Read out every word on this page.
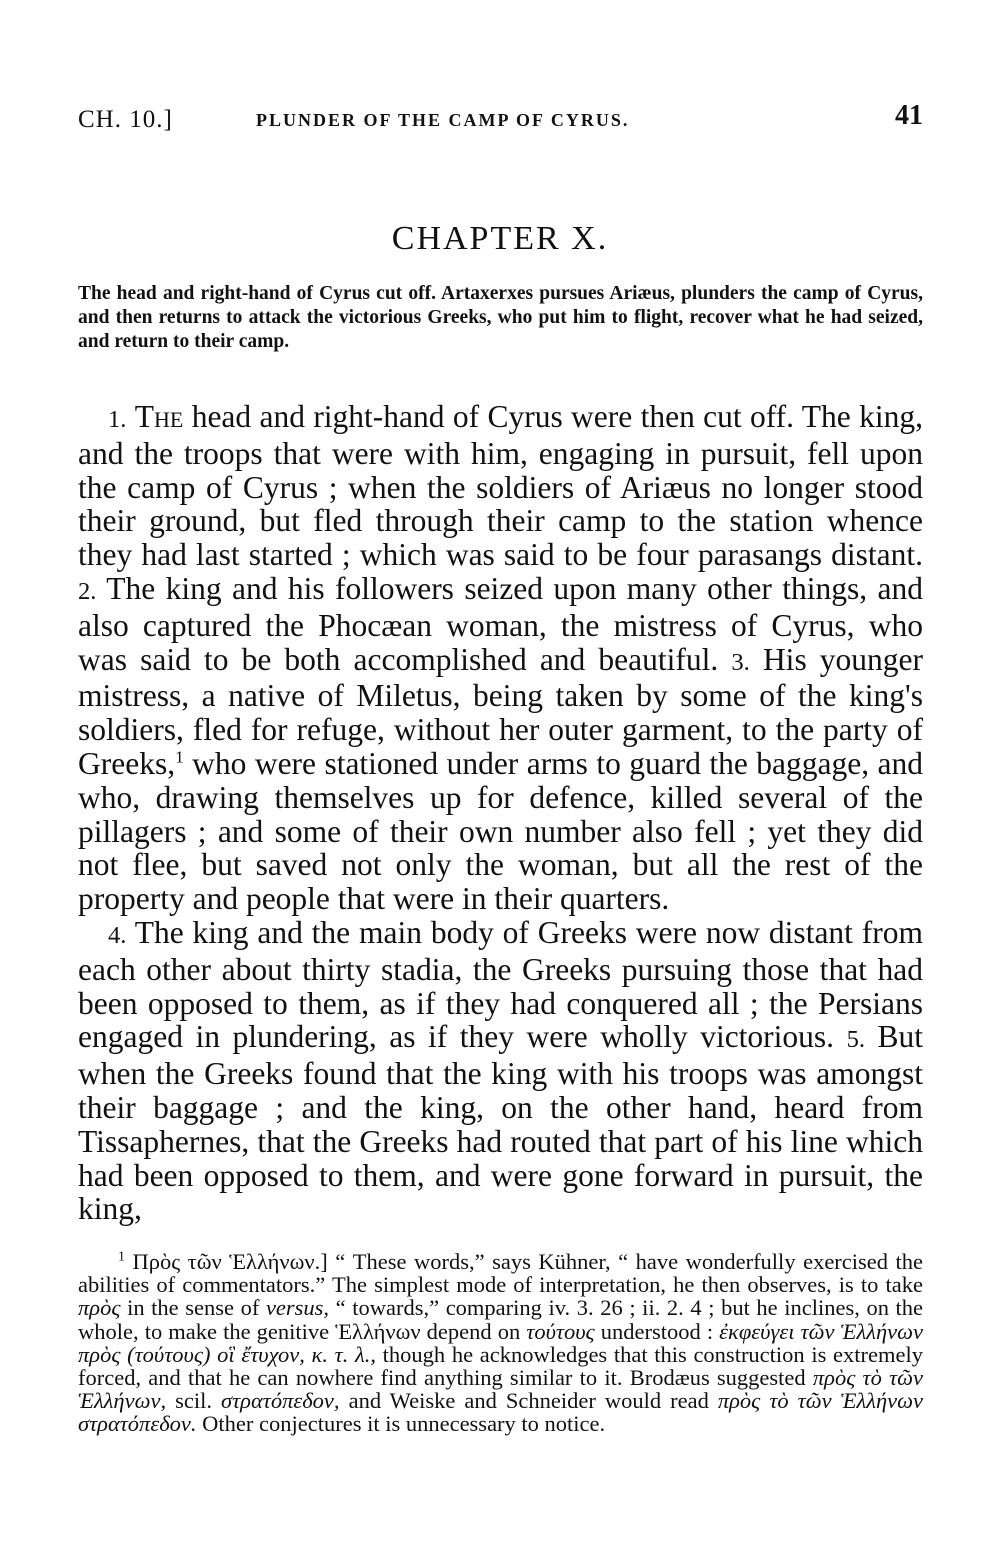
CH. 10.]	PLUNDER OF THE CAMP OF CYRUS.	41
CHAPTER X.
The head and right-hand of Cyrus cut off. Artaxerxes pursues Ariæus, plunders the camp of Cyrus, and then returns to attack the victorious Greeks, who put him to flight, recover what he had seized, and return to their camp.

1. The head and right-hand of Cyrus were then cut off. The king, and the troops that were with him, engaging in pursuit, fell upon the camp of Cyrus ; when the soldiers of Ariæus no longer stood their ground, but fled through their camp to the station whence they had last started ; which was said to be four parasangs distant. 2. The king and his followers seized upon many other things, and also captured the Phocæan woman, the mistress of Cyrus, who was said to be both accomplished and beautiful. 3. His younger mistress, a native of Miletus, being taken by some of the king's soldiers, fled for refuge, without her outer garment, to the party of Greeks,$^1$ who were stationed under arms to guard the baggage, and who, drawing themselves up for defence, killed several of the pillagers ; and some of their own number also fell ; yet they did not flee, but saved not only the woman, but all the rest of the property and people that were in their quarters.

4. The king and the main body of Greeks were now distant from each other about thirty stadia, the Greeks pursuing those that had been opposed to them, as if they had conquered all ; the Persians engaged in plundering, as if they were wholly victorious. 5. But when the Greeks found that the king with his troops was amongst their baggage ; and the king, on the other hand, heard from Tissaphernes, that the Greeks had routed that part of his line which had been opposed to them, and were gone forward in pursuit, the king,

$^1$ Πρὸς τῶν Ἑλλήνων.] “ These words,” says Kühner, “ have wonderfully exercised the abilities of commentators.” The simplest mode of interpretation, he then observes, is to take πρὸς in the sense of versus, “ towards,” comparing iv. 3. 26 ; ii. 2. 4 ; but he inclines, on the whole, to make the genitive Ἑλλήνων depend on τούτους understood : ἐκφεύγει τῶν Ἑλλήνων πρὸς (τούτους) οἳ ἔτυχον, κ. τ. λ., though he acknowledges that this construction is extremely forced, and that he can nowhere find anything similar to it. Brodæus suggested πρὸς τὸ τῶν Ἑλλήνων, scil. στρατόπεδον, and Weiske and Schneider would read πρὸς τὸ τῶν Ἑλλήνων στρατόπεδον. Other conjectures it is unnecessary to notice.
